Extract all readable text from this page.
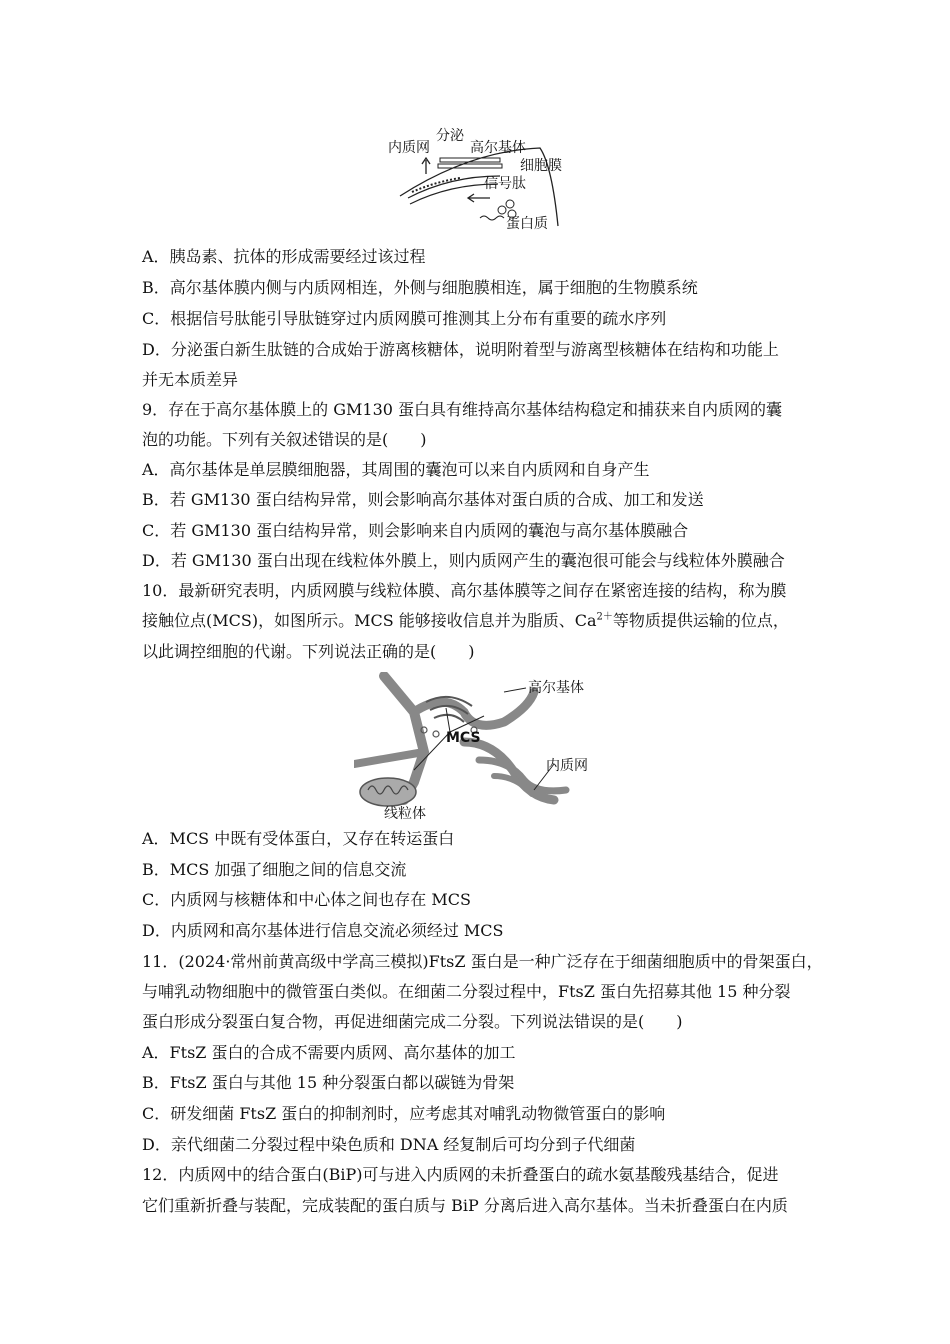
内质网
分泌
高尔基体
细胞膜
信号肽
蛋白质
A．胰岛素、抗体的形成需要经过该过程
B．高尔基体膜内侧与内质网相连，外侧与细胞膜相连，属于细胞的生物膜系统
C．根据信号肽能引导肽链穿过内质网膜可推测其上分布有重要的疏水序列
D．分泌蛋白新生肽链的合成始于游离核糖体，说明附着型与游离型核糖体在结构和功能上
并无本质差异
9．存在于高尔基体膜上的 GM130 蛋白具有维持高尔基体结构稳定和捕获来自内质网的囊
泡的功能。下列有关叙述错误的是(　　)
A．高尔基体是单层膜细胞器，其周围的囊泡可以来自内质网和自身产生
B．若 GM130 蛋白结构异常，则会影响高尔基体对蛋白质的合成、加工和发送
C．若 GM130 蛋白结构异常，则会影响来自内质网的囊泡与高尔基体膜融合
D．若 GM130 蛋白出现在线粒体外膜上，则内质网产生的囊泡很可能会与线粒体外膜融合
10．最新研究表明，内质网膜与线粒体膜、高尔基体膜等之间存在紧密连接的结构，称为膜
接触位点(MCS)，如图所示。MCS 能够接收信息并为脂质、$Ca^{2+}$等物质提供运输的位点，
以此调控细胞的代谢。下列说法正确的是(　　)
高尔基体
MCS
内质网
线粒体
A．MCS 中既有受体蛋白，又存在转运蛋白
B．MCS 加强了细胞之间的信息交流
C．内质网与核糖体和中心体之间也存在 MCS
D．内质网和高尔基体进行信息交流必须经过 MCS
11．(2024·常州前黄高级中学高三模拟)FtsZ 蛋白是一种广泛存在于细菌细胞质中的骨架蛋白，
与哺乳动物细胞中的微管蛋白类似。在细菌二分裂过程中，FtsZ 蛋白先招募其他 15 种分裂
蛋白形成分裂蛋白复合物，再促进细菌完成二分裂。下列说法错误的是(　　)
A．FtsZ 蛋白的合成不需要内质网、高尔基体的加工
B．FtsZ 蛋白与其他 15 种分裂蛋白都以碳链为骨架
C．研发细菌 FtsZ 蛋白的抑制剂时，应考虑其对哺乳动物微管蛋白的影响
D．亲代细菌二分裂过程中染色质和 DNA 经复制后可均分到子代细菌
12．内质网中的结合蛋白(BiP)可与进入内质网的未折叠蛋白的疏水氨基酸残基结合，促进
它们重新折叠与装配，完成装配的蛋白质与 BiP 分离后进入高尔基体。当未折叠蛋白在内质
